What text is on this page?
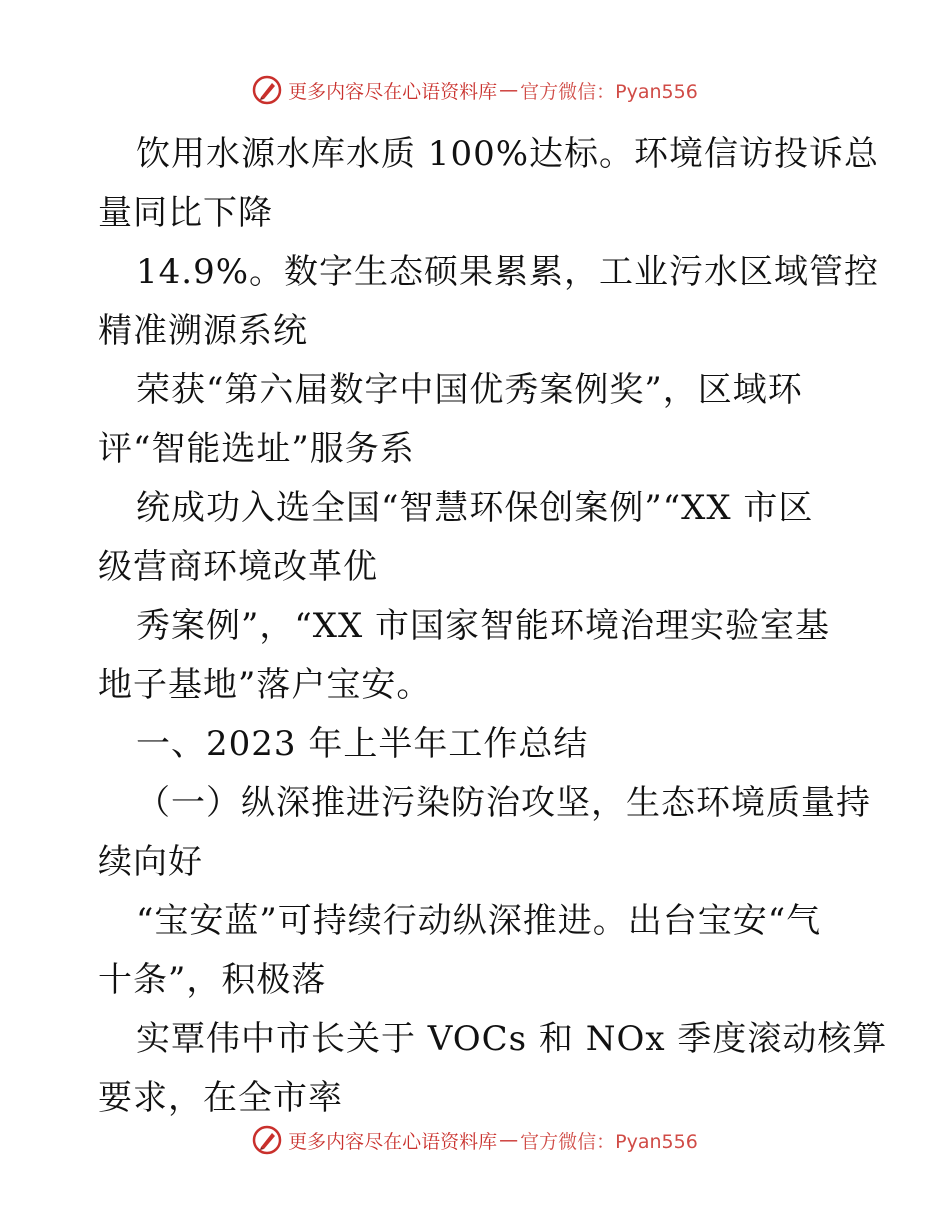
更多内容尽在心语资料库 — 官方微信：Pyan556
饮用水源水库水质 100%达标。环境信访投诉总
量同比下降
14.9%。数字生态硕果累累，工业污水区域管控
精准溯源系统
荣获“第六届数字中国优秀案例奖”，区域环
评“智能选址”服务系
统成功入选全国“智慧环保创案例”“XX 市区
级营商环境改革优
秀案例”，“XX 市国家智能环境治理实验室基
地子基地”落户宝安。
一、2023 年上半年工作总结
（一）纵深推进污染防治攻坚，生态环境质量持
续向好
“宝安蓝”可持续行动纵深推进。出台宝安“气
十条”，积极落
实覃伟中市长关于 VOCs 和 NOx 季度滚动核算
要求，在全市率
更多内容尽在心语资料库 — 官方微信：Pyan556
